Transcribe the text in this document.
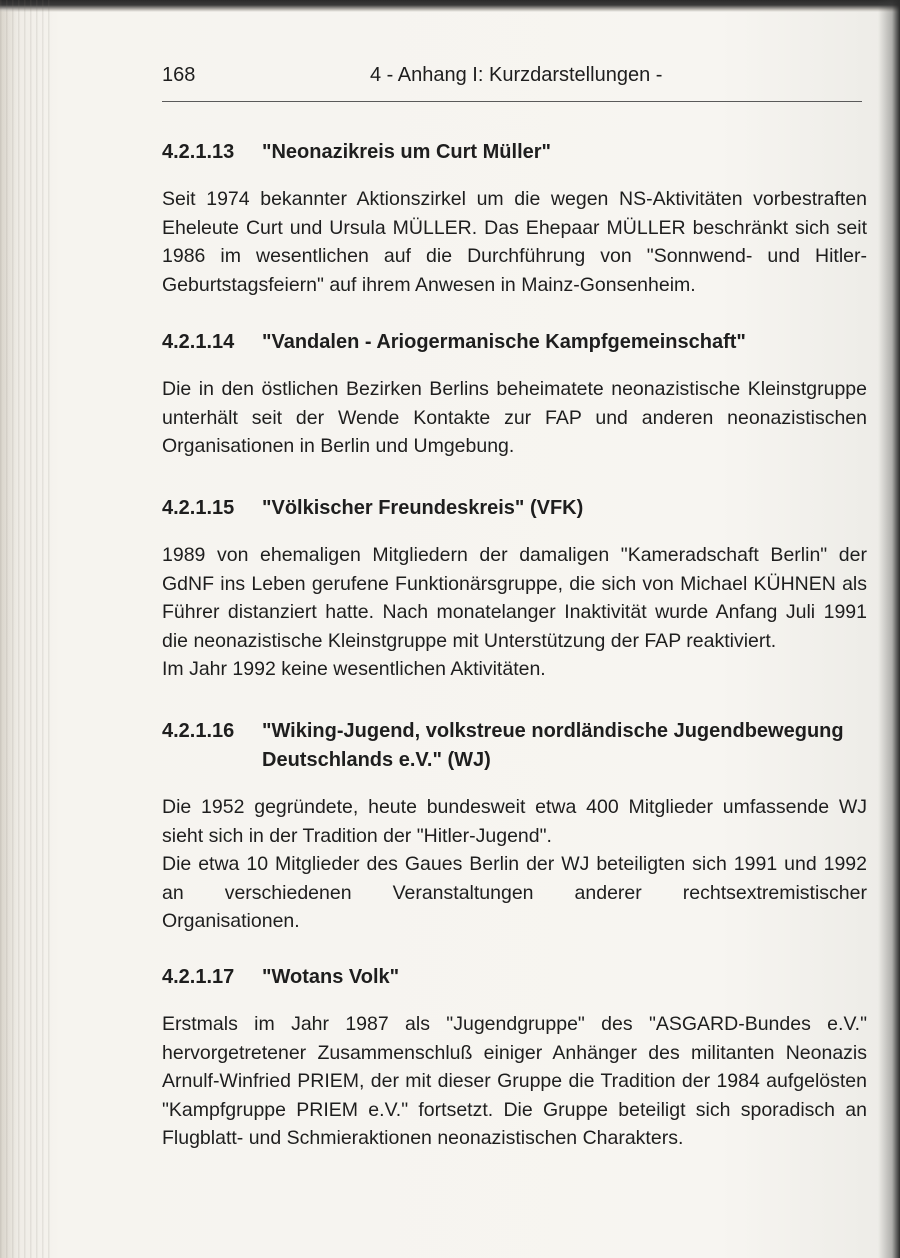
168	4 - Anhang I: Kurzdarstellungen -
4.2.1.13	"Neonazikreis um Curt Müller"

Seit 1974 bekannter Aktionszirkel um die wegen NS-Aktivitäten vorbestraften Eheleute Curt und Ursula MÜLLER. Das Ehepaar MÜLLER beschränkt sich seit 1986 im wesentlichen auf die Durchführung von "Sonnwend- und Hitler-Geburtstagsfeiern" auf ihrem Anwesen in Mainz-Gonsenheim.

4.2.1.14	"Vandalen - Ariogermanische Kampfgemeinschaft"

Die in den östlichen Bezirken Berlins beheimatete neonazistische Kleinstgruppe unterhält seit der Wende Kontakte zur FAP und anderen neonazistischen Organisationen in Berlin und Umgebung.

4.2.1.15	"Völkischer Freundeskreis" (VFK)

1989 von ehemaligen Mitgliedern der damaligen "Kameradschaft Berlin" der GdNF ins Leben gerufene Funktionärsgruppe, die sich von Michael KÜHNEN als Führer distanziert hatte. Nach monatelanger Inaktivität wurde Anfang Juli 1991 die neonazistische Kleinstgruppe mit Unterstützung der FAP reaktiviert.

Im Jahr 1992 keine wesentlichen Aktivitäten.

4.2.1.16	"Wiking-Jugend, volkstreue nordländische Jugendbewegung Deutschlands e.V." (WJ)

Die 1952 gegründete, heute bundesweit etwa 400 Mitglieder umfassende WJ sieht sich in der Tradition der "Hitler-Jugend".

Die etwa 10 Mitglieder des Gaues Berlin der WJ beteiligten sich 1991 und 1992 an verschiedenen Veranstaltungen anderer rechtsextremistischer Organisationen.

4.2.1.17	"Wotans Volk"

Erstmals im Jahr 1987 als "Jugendgruppe" des "ASGARD-Bundes e.V." hervorgetretener Zusammenschluß einiger Anhänger des militanten Neonazis Arnulf-Winfried PRIEM, der mit dieser Gruppe die Tradition der 1984 aufgelösten "Kampfgruppe PRIEM e.V." fortsetzt. Die Gruppe beteiligt sich sporadisch an Flugblatt- und Schmieraktionen neonazistischen Charakters.
